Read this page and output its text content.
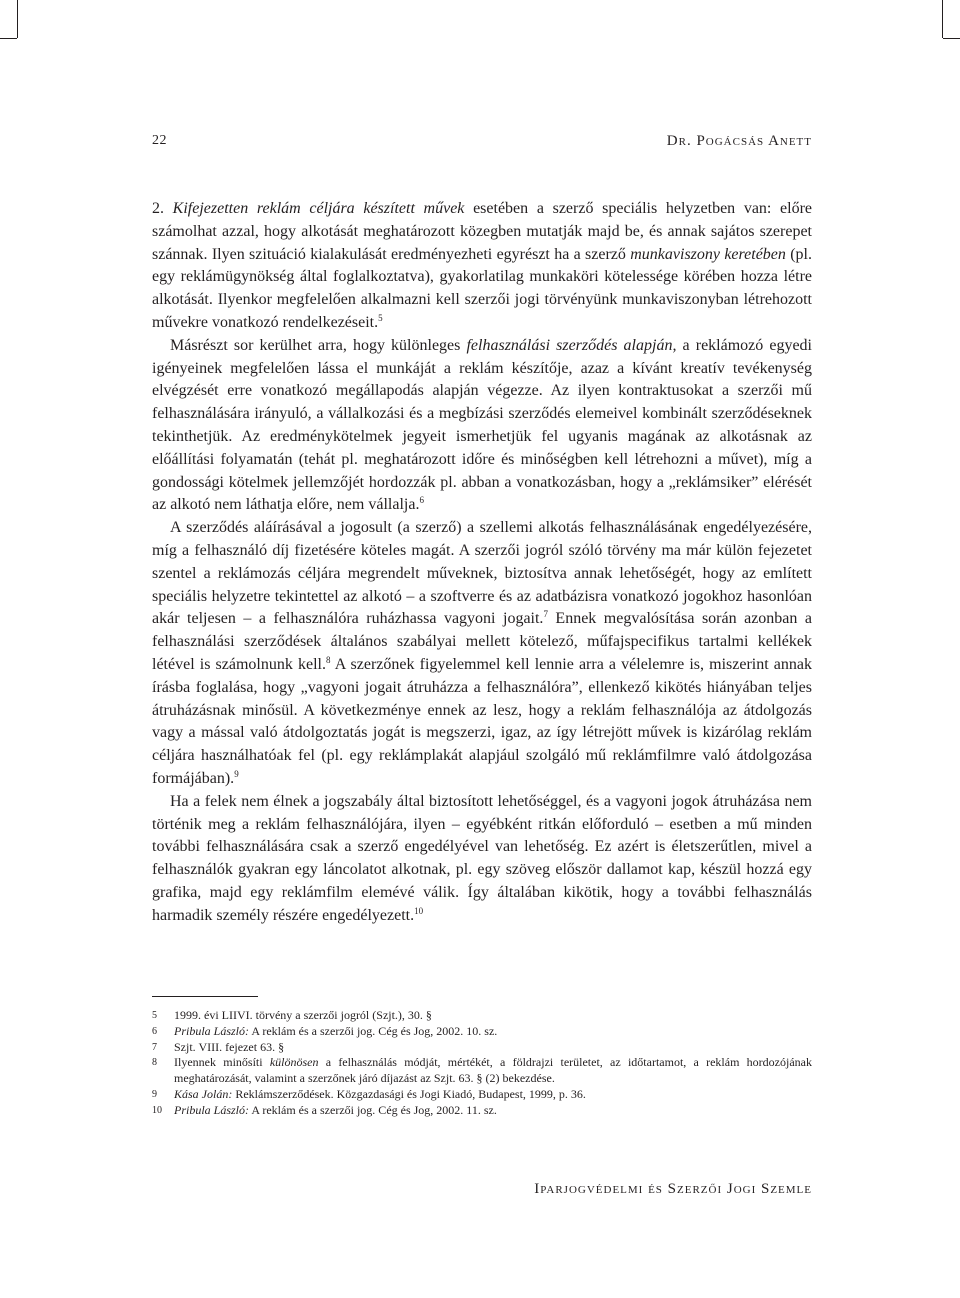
22	Dr. Pogácsás Anett

2. Kifejezetten reklám céljára készített művek esetében a szerző speciális helyzetben van: előre számolhat azzal, hogy alkotását meghatározott közegben mutatják majd be, és annak sajátos szerepet szánnak. Ilyen szituáció kialakulását eredményezheti egyrészt ha a szerző munkaviszony keretében (pl. egy reklámügynökség által foglalkoztatva), gyakorlatilag munkaköri kötelessége körében hozza létre alkotását. Ilyenkor megfelelően alkalmazni kell szerzői jogi törvényünk munkaviszonyban létrehozott művekre vonatkozó rendelkezéseit.$^5$

Másrészt sor kerülhet arra, hogy különleges felhasználási szerződés alapján, a reklámozó egyedi igényeinek megfelelően lássa el munkáját a reklám készítője, azaz a kívánt kreatív tevékenység elvégzését erre vonatkozó megállapodás alapján végezze. Az ilyen kontraktusokat a szerzői mű felhasználására irányuló, a vállalkozási és a megbízási szerződés elemeivel kombinált szerződéseknek tekinthetjük. Az eredménykötelmek jegyeit ismerhetjük fel ugyanis magának az alkotásnak az előállítási folyamatán (tehát pl. meghatározott időre és minőségben kell létrehozni a művet), míg a gondossági kötelmek jellemzőjét hordozzák pl. abban a vonatkozásban, hogy a „reklámsiker” elérését az alkotó nem láthatja előre, nem vállalja.$^6$

A szerződés aláírásával a jogosult (a szerző) a szellemi alkotás felhasználásának engedélyezésére, míg a felhasználó díj fizetésére köteles magát. A szerzői jogról szóló törvény ma már külön fejezetet szentel a reklámozás céljára megrendelt műveknek, biztosítva annak lehetőségét, hogy az említett speciális helyzetre tekintettel az alkotó – a szoftverre és az adatbázisra vonatkozó jogokhoz hasonlóan akár teljesen – a felhasználóra ruházhassa vagyoni jogait.$^7$ Ennek megvalósítása során azonban a felhasználási szerződések általános szabályai mellett kötelező, műfajspecifikus tartalmi kellékek létével is számolnunk kell.$^8$ A szerzőnek figyelemmel kell lennie arra a vélelemre is, miszerint annak írásba foglalása, hogy „vagyoni jogait átruházza a felhasználóra”, ellenkező kikötés hiányában teljes átruházásnak minősül. A következménye ennek az lesz, hogy a reklám felhasználója az átdolgozás vagy a mással való átdolgoztatás jogát is megszerzi, igaz, az így létrejött művek is kizárólag reklám céljára használhatóak fel (pl. egy reklámplakát alapjául szolgáló mű reklámfilmre való átdolgozása formájában).$^9$

Ha a felek nem élnek a jogszabály által biztosított lehetőséggel, és a vagyoni jogok átruházása nem történik meg a reklám felhasználójára, ilyen – egyébként ritkán előforduló – esetben a mű minden további felhasználására csak a szerző engedélyével van lehetőség. Ez azért is életszerűtlen, mivel a felhasználók gyakran egy láncolatot alkotnak, pl. egy szöveg először dallamot kap, készül hozzá egy grafika, majd egy reklámfilm elemévé válik. Így általában kikötik, hogy a további felhasználás harmadik személy részére engedélyezett.$^{10}$

5 1999. évi LIIVI. törvény a szerzői jogról (Szjt.), 30. §
6 Pribula László: A reklám és a szerzői jog. Cég és Jog, 2002. 10. sz.
7 Szjt. VIII. fejezet 63. §
8 Ilyennek minősíti különösen a felhasználás módját, mértékét, a földrajzi területet, az időtartamot, a reklám hordozójának meghatározását, valamint a szerzőnek járó díjazást az Szjt. 63. § (2) bekezdése.
9 Kása Jolán: Reklámszerződések. Közgazdasági és Jogi Kiadó, Budapest, 1999, p. 36.
10 Pribula László: A reklám és a szerzői jog. Cég és Jog, 2002. 11. sz.
Iparjogvédelmi és Szerzői Jogi Szemle
